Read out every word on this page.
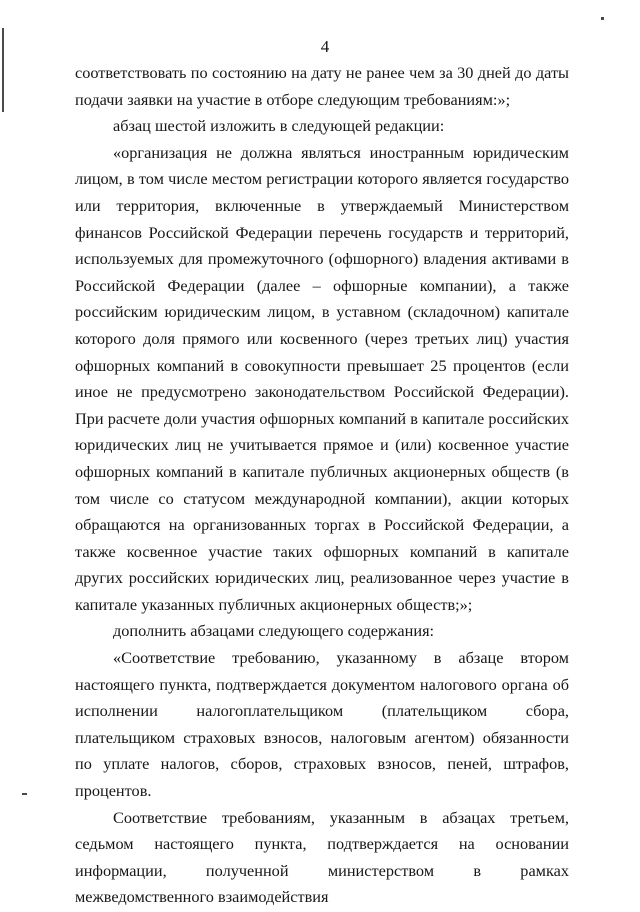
4

соответствовать по состоянию на дату не ранее чем за 30 дней до даты подачи заявки на участие в отборе следующим требованиям:»;

абзац шестой изложить в следующей редакции:

«организация не должна являться иностранным юридическим лицом, в том числе местом регистрации которого является государство или территория, включенные в утверждаемый Министерством финансов Российской Федерации перечень государств и территорий, используемых для промежуточного (офшорного) владения активами в Российской Федерации (далее – офшорные компании), а также российским юридическим лицом, в уставном (складочном) капитале которого доля прямого или косвенного (через третьих лиц) участия офшорных компаний в совокупности превышает 25 процентов (если иное не предусмотрено законодательством Российской Федерации). При расчете доли участия офшорных компаний в капитале российских юридических лиц не учитывается прямое и (или) косвенное участие офшорных компаний в капитале публичных акционерных обществ (в том числе со статусом международной компании), акции которых обращаются на организованных торгах в Российской Федерации, а также косвенное участие таких офшорных компаний в капитале других российских юридических лиц, реализованное через участие в капитале указанных публичных акционерных обществ;»;

дополнить абзацами следующего содержания:

«Соответствие требованию, указанному в абзаце втором настоящего пункта, подтверждается документом налогового органа об исполнении налогоплательщиком (плательщиком сбора, плательщиком страховых взносов, налоговым агентом) обязанности по уплате налогов, сборов, страховых взносов, пеней, штрафов, процентов.

Соответствие требованиям, указанным в абзацах третьем, седьмом настоящего пункта, подтверждается на основании информации, полученной министерством в рамках межведомственного взаимодействия
